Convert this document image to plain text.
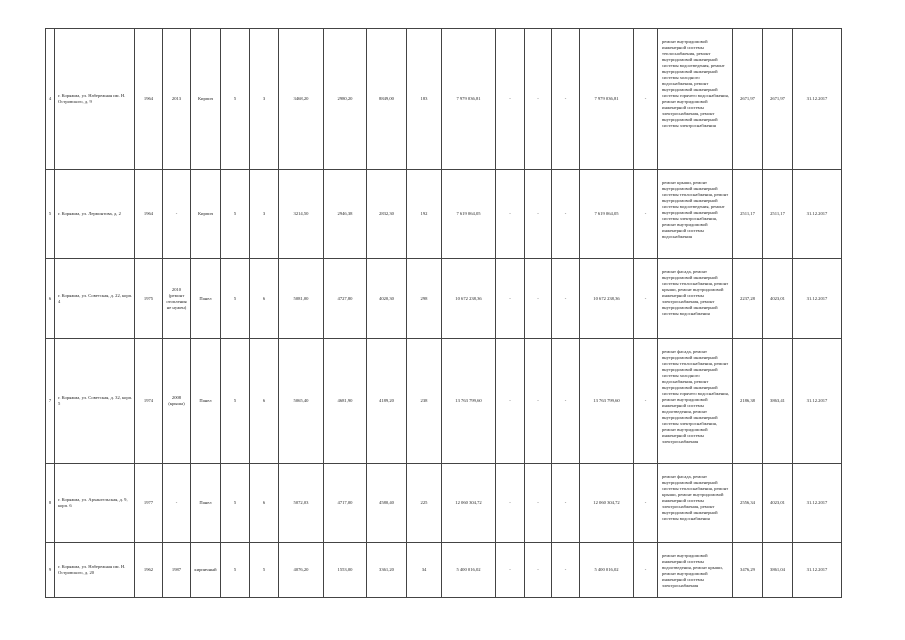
4	г. Коряжма, ул. Набережная им. Н. Островского, д. 9	1964	2013	Кирпич	5	3	3468,20	2980,20	8849,00	183	7 979 036,81	-	-	-	7 979 036,81	-	ремонт внутридомовой инженерной системы теплоснабжения, ремонт внутридомовой инженерной системы водоотведения, ремонт внутридомовой инженерной системы холодного водоснабжения, ремонт внутридомовой инженерной системы горячего водоснабжения, ремонт внутридомовой инженерной системы электроснабжения, ремонт внутридомовой инженерной системы электроснабжения	2671,97	2671,97	31.12.2017
5	г. Коряжма, ул. Лермонтова, д. 2	1964	-	Кирпич	5	3	3214,50	2946,38	2832,30	192	7 619 064,05	-	-	-	7 619 064,05	-	ремонт крыши, ремонт внутридомовой инженерной системы теплоснабжения, ремонт внутридомовой инженерной системы водоотведения, ремонт внутридомовой инженерной системы электроснабжения, ремонт внутридомовой инженерной системы водоснабжения	2511,17	2511,17	31.12.2017
6	г. Коряжма, ул. Советская, д. 22, корп. 4	1975	2010 (ремонт отопления не нужен)	Панел	5	6	5081,00	4727,80	4020,30	298	10 672 238,36	-	-	-	10 672 238,36	-	ремонт фасада, ремонт внутридомовой инженерной системы теплоснабжения, ремонт крыши, ремонт внутридомовой инженерной системы электроснабжения, ремонт внутридомовой инженерной системы водоснабжения	2237,28	4023,01	31.12.2017
7	г. Коряжма, ул. Советская, д. 32, корп. 5	1974	2008 (крыша)	Панел	5	6	5065,40	4681,90	4189,20	238	13 763 799,60	-	-	-	13 763 799,60	-	ремонт фасада, ремонт внутридомовой инженерной системы теплоснабжения, ремонт внутридомовой инженерной системы холодного водоснабжения, ремонт внутридомовой инженерной системы горячего водоснабжения, ремонт внутридомовой инженерной системы водоотведения, ремонт внутридомовой инженерной системы электроснабжения, ремонт внутридомовой инженерной системы электроснабжения	2186,38	3863,41	31.12.2017
8	г. Коряжма, ул. Архангельская, д. 9, корп. 6	1977	-	Панел	5	6	5072,03	4717,00	4580,40	225	12 060 304,72	-	-	-	12 060 304,72	-	ремонт фасада, ремонт внутридомовой инженерной системы теплоснабжения, ремонт крыши, ремонт внутридомовой инженерной системы электроснабжения, ремонт внутридомовой инженерной системы водоснабжения	2556,34	4023,01	31.12.2017
9	г. Коряжма, ул. Набережная им. Н. Островского, д. 20	1962	1987	кирпичный	5	5	4076,20	1553,00	3361,20	34	5 400 016,02	-	-	-	5 400 016,02	-	ремонт внутридомовой инженерной системы водоотведения, ремонт крыши, ремонт внутридомовой инженерной системы электроснабжения	3476,29	3861,04	31.12.2017
